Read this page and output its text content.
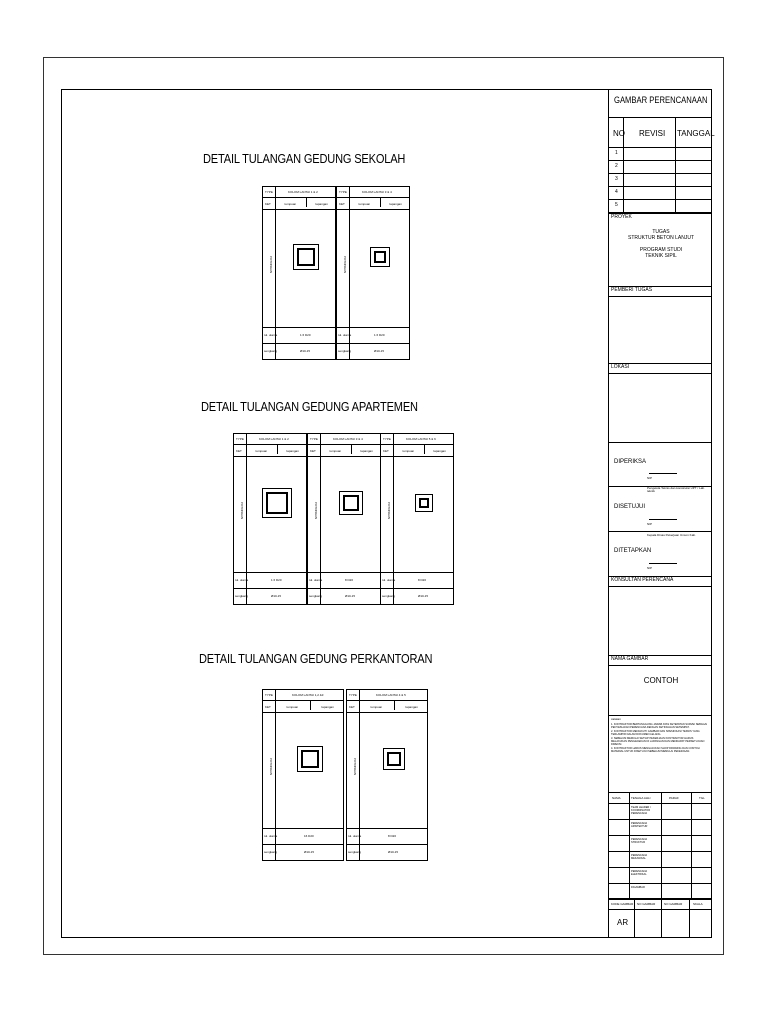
DETAIL TULANGAN GEDUNG SEKOLAH
DETAIL TULANGAN GEDUNG APARTEMEN
DETAIL TULANGAN GEDUNG PERKANTORAN
TYPE	KOLOM LANTAI 1 & 2
KET	tumpuan	lapangan
POTONGAN
tul. utama	1 6 D20
sengkang	Ø10-15
TYPE	KOLOM LANTAI 3 & 4
KET	tumpuan	lapangan
POTONGAN
tul. utama	1 6 D20
sengkang	Ø10-15
TYPE	KOLOM LANTAI 1 & 2
KET	tumpuan	lapangan
POTONGAN
tul. utama	1 6 D20
sengkang	Ø10-15
TYPE	KOLOM LANTAI 3 & 4
KET	tumpuan	lapangan
POTONGAN
tul. utama	8 D20
sengkang	Ø10-15
TYPE	KOLOM LANTAI 5 & 6
KET	tumpuan	lapangan
POTONGAN
tul. utama	8 D20
sengkang	Ø10-15
TYPE	KOLOM LANTAI 1,2 &3
KET	tumpuan	lapangan
POTONGAN
tul. utama	16 D20
sengkang	Ø10-15
TYPE	KOLOM LANTAI 4 & 5
KET	tumpuan	lapangan
POTONGAN
tul. utama	8 D20
sengkang	Ø10-15
GAMBAR PERENCANAAN
NO REVISI TANGGAL
1
2
3
4
5
PROYEK
TUGAS
STRUKTUR BETON LANJUT
PROGRAM STUDI
TEKNIK SIPIL
PEMBERI TUGAS
LOKASI
DIPERIKSA
NIP
Pengelola Teknis dan konstruksi UPT / Lab. teknik
DISETUJUI
NIP
Kepala Dinas Pekerjaan Umum Kab.
DITETAPKAN
NIP
KONSULTAN PERENCANA
NAMA GAMBAR
CONTOH
catatan
1. KONTRAKTOR BERTANGGUNG JAWAB ATAS KETEPATAN SURVEI SEBAGAI PENYESUAIAN PERENCANA DENGAN KETINGGIAN SETEMPAT.
2. KONTRAKTOR MENGIKUTI GAMBAR DAN SPESIFIKASI TEKNIS YANG TERLAMPIR DALAM DOKUMEN LELANG.
3. SEBELUM MEMULAI SETIAP PEKERJAAN KONTRAKTOR HARUS MELAKUKAN PENGECEKAN DI LAPANGAN DAN MENDAPAT PERSETUJUAN DIREKSI.
4. KONTRAKTOR HARUS MENGAJUKAN SHOP DRAWING DAN CONTOH MATERIAL UNTUK DISETUJUI SEBELUM MEMULAI PEKERJAAN.
NAMA	TENAGA AHLI	PARAF	TGL
TEAM LEADER / KOORDINATOR PERENCANA
PERENCANA ARSITEKTUR
PERENCANA STRUKTUR
PERENCANA MEKANIKAL
PERENCANA ELEKTRIKAL
DIGAMBAR
KODE GAMBAR NO GAMBAR	NO GAMBAR	SKALA
AR
